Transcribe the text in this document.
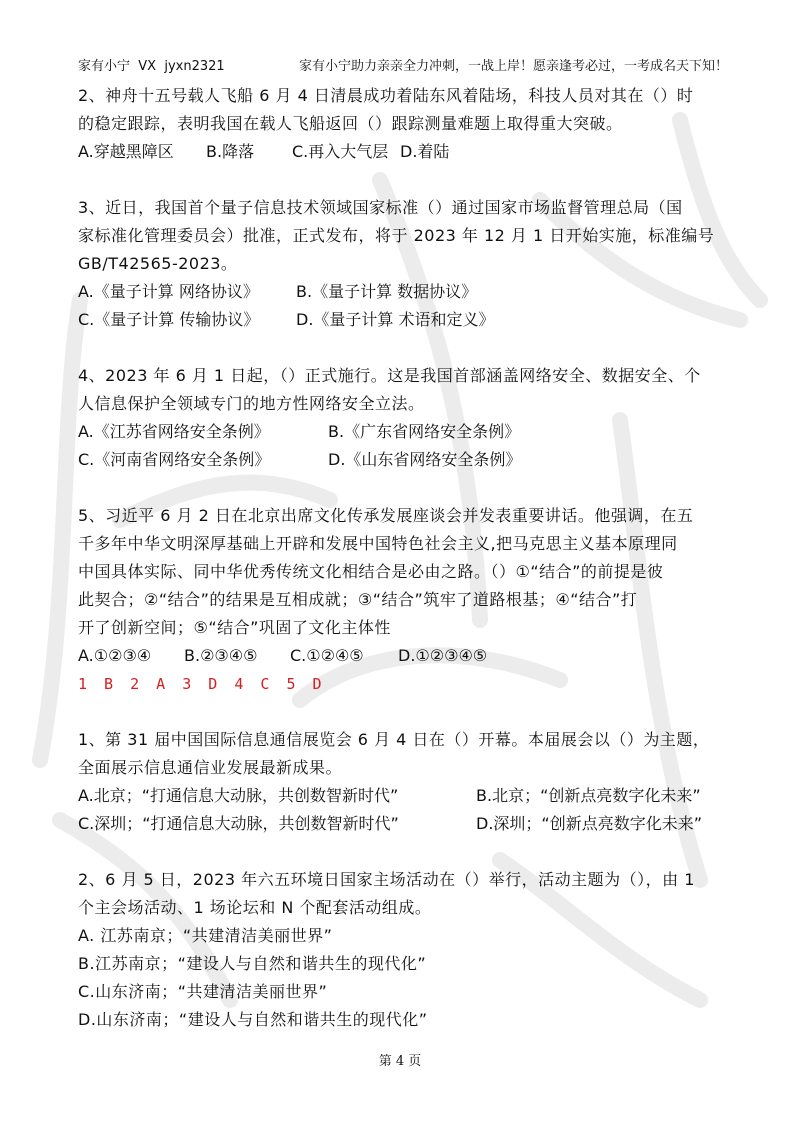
家有小宁  VX  jyxn2321	家有小宁助力亲亲全力冲刺，一战上岸！愿亲逢考必过，一考成名天下知！
2、神舟十五号载人飞船 6 月 4 日清晨成功着陆东风着陆场，科技人员对其在（）时
的稳定跟踪，表明我国在载人飞船返回（）跟踪测量难题上取得重大突破。
A.穿越黑障区 B.降落 C.再入大气层 D.着陆
3、近日，我国首个量子信息技术领域国家标准（）通过国家市场监督管理总局（国
家标准化管理委员会）批准，正式发布，将于 2023 年 12 月 1 日开始实施，标准编号
GB/T42565-2023。
A.《量子计算 网络协议》 B.《量子计算 数据协议》
C.《量子计算 传输协议》 D.《量子计算 术语和定义》
4、2023 年 6 月 1 日起，（）正式施行。这是我国首部涵盖网络安全、数据安全、个
人信息保护全领域专门的地方性网络安全立法。
A.《江苏省网络安全条例》	B.《广东省网络安全条例》
C.《河南省网络安全条例》	D.《山东省网络安全条例》
5、习近平 6 月 2 日在北京出席文化传承发展座谈会并发表重要讲话。他强调，在五
千多年中华文明深厚基础上开辟和发展中国特色社会主义,把马克思主义基本原理同
中国具体实际、同中华优秀传统文化相结合是必由之路。（）①“结合”的前提是彼
此契合；②“结合”的结果是互相成就；③“结合”筑牢了道路根基；④“结合”打
开了创新空间；⑤“结合”巩固了文化主体性
A.①②③④ B.②③④⑤ C.①②④⑤ D.①②③④⑤
1 B 2 A 3 D 4 C 5 D
1、第 31 届中国国际信息通信展览会 6 月 4 日在（）开幕。本届展会以（）为主题，
全面展示信息通信业发展最新成果。
A.北京；“打通信息大动脉，共创数智新时代”	B.北京；“创新点亮数字化未来”
C.深圳；“打通信息大动脉，共创数智新时代”	D.深圳；“创新点亮数字化未来”
2、6 月 5 日，2023 年六五环境日国家主场活动在（）举行，活动主题为（），由 1
个主会场活动、1 场论坛和 N 个配套活动组成。
A. 江苏南京；“共建清洁美丽世界”
B.江苏南京；“建设人与自然和谐共生的现代化”
C.山东济南；“共建清洁美丽世界”
D.山东济南；“建设人与自然和谐共生的现代化”
第 4 页
